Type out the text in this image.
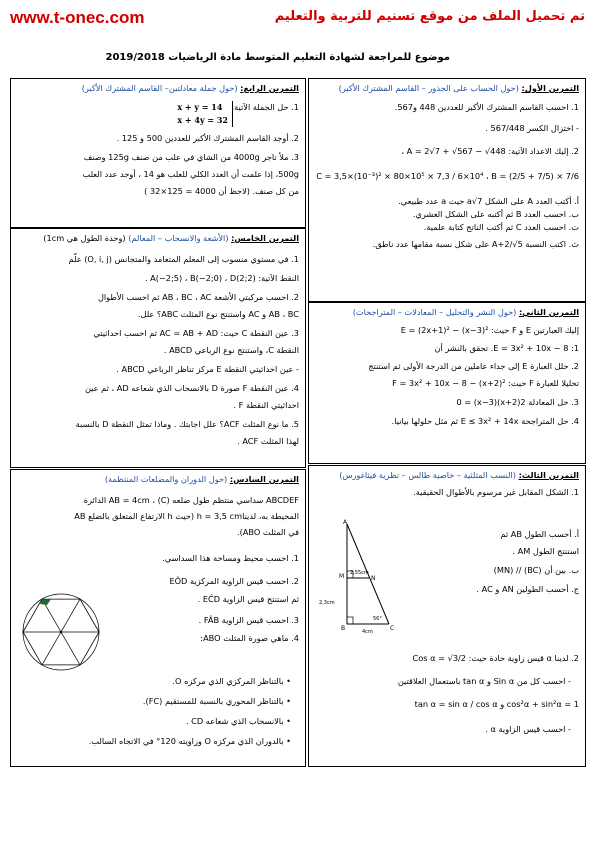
www.t-onec.com	تم تحميل الملف من موقع تسنيم للتربية والتعليم
موضوع للمراجعة لشهادة التعليم المتوسط مادة الرياضيات 2019/2018
التمرين الأول: (حول الحساب على الجذور – القاسم المشترك الأكبر)
1. احسب القاسم المشترك الأكبر للعددين 448 و567.
- اختزال الكسر 567/448 .
2. إليك الاعداد الآتية: A = 2√7 + √567 − √448 ،
C = 3,5×(10⁻³)² × 80×10⁵ × 7,3 / 6×10⁴ ، B = (2/5 + 7/5) × 7/6
أ. أكتب العدد A على الشكل a√7 حيث a عدد طبيعي.
ب. احسب العدد B ثم أكتبه على الشكل العشري.
ت. احسب العدد C ثم أكتب الناتج كتابة علمية.
ث. اكتب النسبة A+2/√5 على شكل نسبة مقامها عدد ناطق.
التمرين الثاني: (حول النشر والتحليل – المعادلات – المتراجحات)
إليك العبارتين E و F حيث: E = (2x+1)² − (x−3)²
E = 3x² + 10x − 8 :1. تحقق بالنشر أن
2. حلل العبارة E إلى جداء عاملين من الدرجة الأولى ثم استنتج
تحليلا للعبارة F حيث: F = 3x² + 10x − 8 − (x+2)²
3. حل المعادلة 2(x+2)(x−3) = 0
4. حل المتراجحة E ≤ 3x² + 14x ثم مثل حلولها بيانيا.
التمرين الثالث: (النسب المثلثية – خاصية طالس – نظرية فيثاغورس)
1. الشكل المقابل غير مرسوم بالأطوال الحقيقية.
A
M	N
B	C
2,55cm
2,3cm
4cm
56°
أ. أحسب الطول AB ثم
استنتج الطول AM .
ب. بين أن (BC) // (MN)
ج. أحسب الطولين AN و AC .
2. لدينا α قيس زاوية حادة حيث: Cos α = √3/2
- احسب كل من Sin α و tan α باستعمال العلاقتين
cos²α + sin²α = 1 و tan α = sin α / cos α
- احسب قيس الزاوية α .
التمرين الرابع: (حول جملة معادلتين– القاسم المشترك الأكبر)
1. حل الجملة الآتية:
x + y = 14
x + 4y = 32
2. أوجد القاسم المشترك الأكبر للعددين 500 و 125 .
3. ملأ تاجر 4000g من الشاي في علب من صنف 125g وصنف
500g، إذا علمت أن العدد الكلي للعلب هو 14 ، أوجد عدد العلب
من كل صنف. (لاحظ أن 4000 = 125×32 )
التمرين الخامس: (الأشعة والانسحاب – المعالم) (وحدة الطول هي 1cm)
1. في مستوي منسوب إلى المعلم المتعامد والمتجانس (O, i, j) علّم
النقط الآتية: A(−2;5) ، B(−2;0) ، D(2;2) .
2. احسب مركبتي الأشعة AB ، BC ، AC ثم احسب الأطوال
AB ، BC و AC واستنتج نوع المثلث ABC؟ علل.
3. عين النقطة C حيث: AC = AB + AD ثم احسب احداثيتي
النقطة C، واستنتج نوع الرباعي ABCD .
- عين احداثيتي النقطة E مركز تناظر الرباعي ABCD .
4. عين النقطة F صورة D بالانسحاب الذي شعاعه AD ، ثم عين
احداثيتي النقطة F .
5. ما نوع المثلث ACF؟ علل اجابتك . وماذا تمثل النقطة D بالنسبة
لهذا المثلث ACF .
التمرين السادس: (حول الدوران والمضلعات المنتظمة)
ABCDEF سداسي منتظم طول ضلعه AB = 4cm ، (C) الدائرة
المحيطة به، لديناh = 3,5 cm (حيث h الارتفاع المتعلق بالضلع AB
في المثلث ABO).
1. احسب محيط ومساحة هذا السداسي.
2. احسب قيس الزاوية المركزية EÔD
ثم استنتج قيس الزاوية EĈD .
3. احسب قيس الزاوية FÂB .
4. ماهي صورة المثلث ABO:
• بالتناظر المركزي الذي مركزه O.
• بالتناظر المحوري بالنسبة للمستقيم (FC).
• بالانسحاب الذي شعاعه CD .
• بالدوران الذي مركزه O وزاويته 120° في الاتجاه السالب.
